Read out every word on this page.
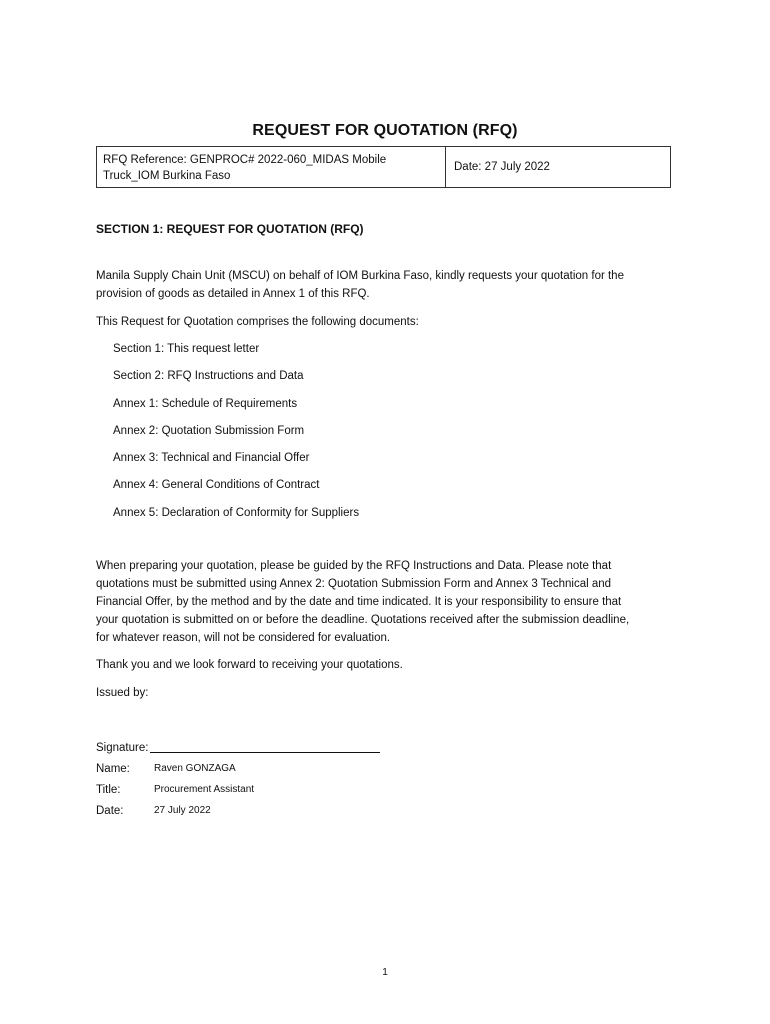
REQUEST FOR QUOTATION (RFQ)
RFQ Reference: GENPROC# 2022-060_MIDAS Mobile
Truck_IOM Burkina Faso
Date: 27 July 2022
SECTION 1: REQUEST FOR QUOTATION (RFQ)
Manila Supply Chain Unit (MSCU) on behalf of IOM Burkina Faso, kindly requests your quotation for the
provision of goods as detailed in Annex 1 of this RFQ.
This Request for Quotation comprises the following documents:
Section 1: This request letter
Section 2: RFQ Instructions and Data
Annex 1: Schedule of Requirements
Annex 2: Quotation Submission Form
Annex 3: Technical and Financial Offer
Annex 4: General Conditions of Contract
Annex 5: Declaration of Conformity for Suppliers
When preparing your quotation, please be guided by the RFQ Instructions and Data. Please note that
quotations must be submitted using Annex 2: Quotation Submission Form and Annex 3 Technical and
Financial Offer, by the method and by the date and time indicated. It is your responsibility to ensure that
your quotation is submitted on or before the deadline. Quotations received after the submission deadline,
for whatever reason, will not be considered for evaluation.
Thank you and we look forward to receiving your quotations.
Issued by:
Signature:
Name:	Raven GONZAGA
Title:	Procurement Assistant
Date:	27 July 2022
1
